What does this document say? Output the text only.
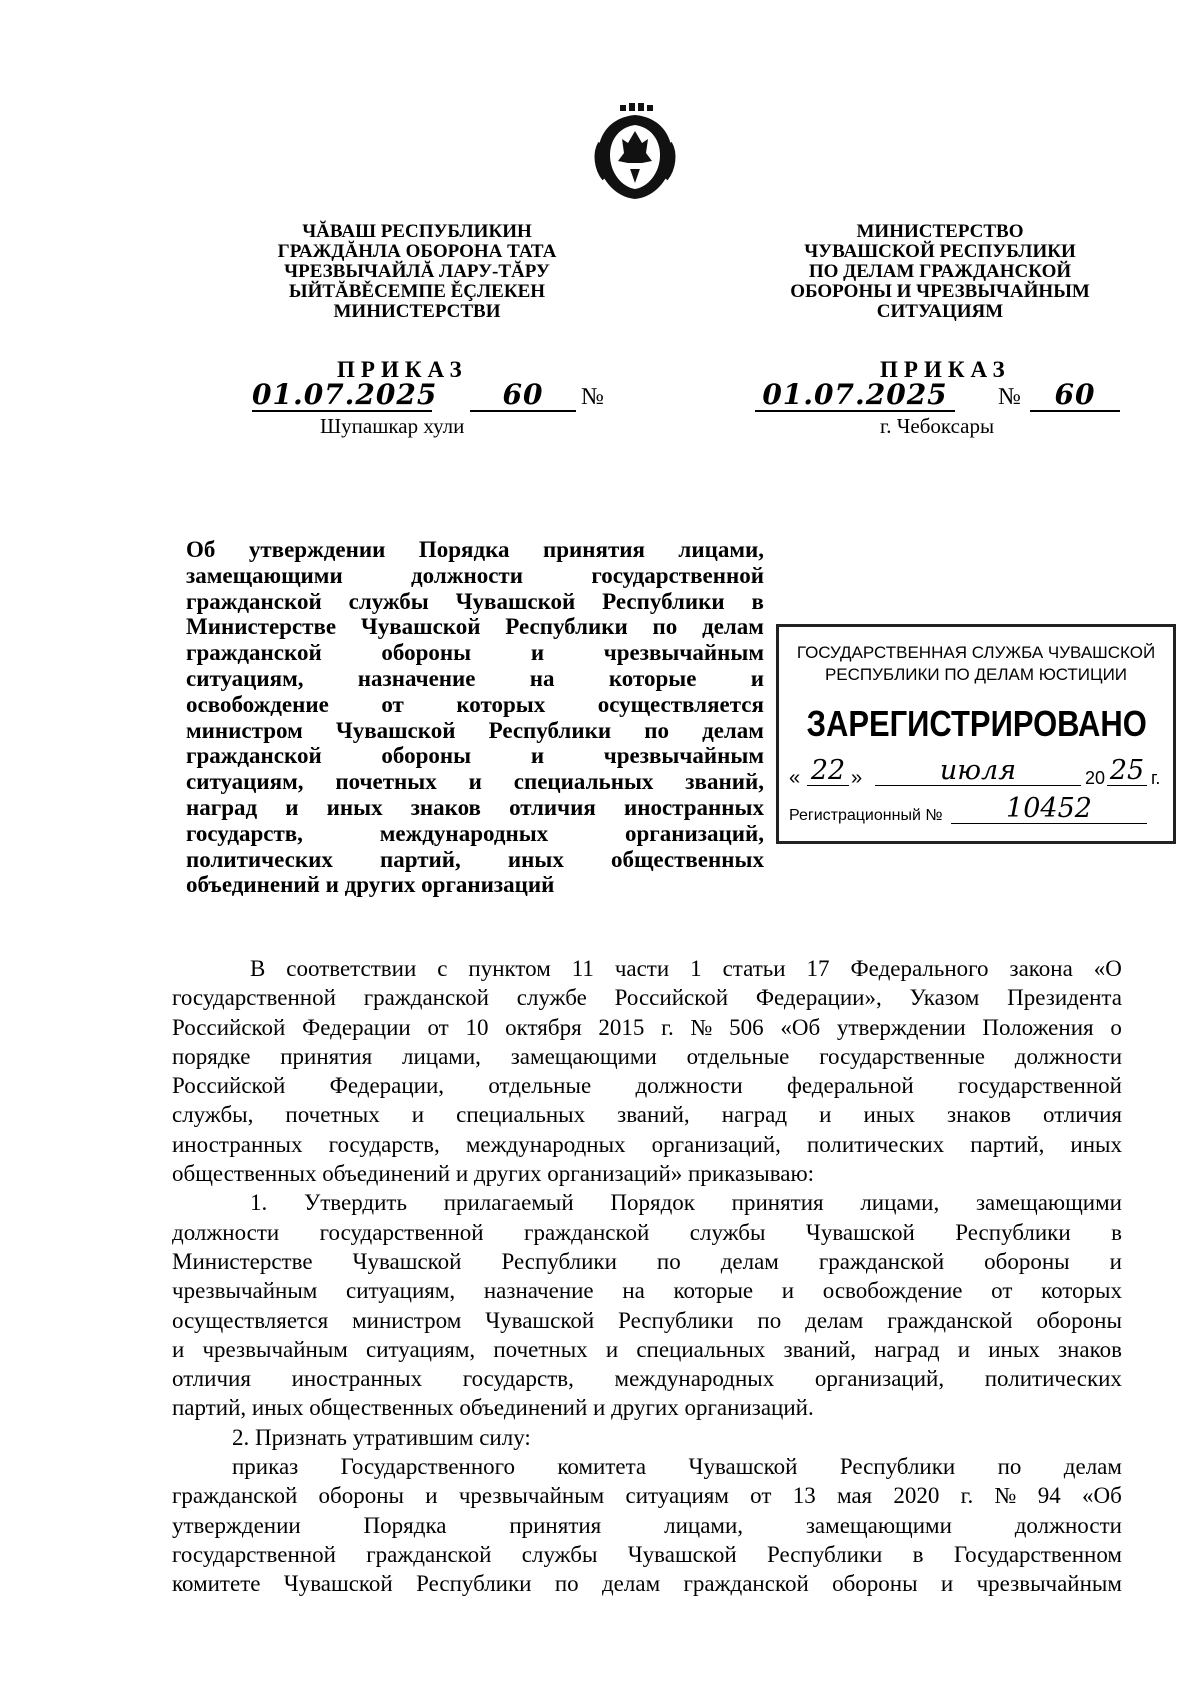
ЧĂВАШ РЕСПУБЛИКИН
ГРАЖДĂНЛА ОБОРОНА ТАТА
ЧРЕЗВЫЧАЙЛĂ ЛАРУ-ТĂРУ
ЫЙТĂВĚСЕМПЕ ĚÇЛЕКЕН
МИНИСТЕРСТВИ
МИНИСТЕРСТВО
ЧУВАШСКОЙ РЕСПУБЛИКИ
ПО ДЕЛАМ ГРАЖДАНСКОЙ
ОБОРОНЫ И ЧРЕЗВЫЧАЙНЫМ
СИТУАЦИЯМ
ПРИКАЗ
01.07.2025	60	№
Шупашкар хули
ПРИКАЗ
01.07.2025	№	60
г. Чебоксары
Об утверждении Порядка принятия лицами,
замещающими	должности	государственной
гражданской службы Чувашской Республики в
Министерстве Чувашской Республики по делам
гражданской	обороны	и	чрезвычайным
ситуациям, назначение на которые и
освобождение от которых осуществляется
министром Чувашской Республики по делам
гражданской	обороны	и	чрезвычайным
ситуациям, почетных и специальных званий,
наград и иных знаков отличия иностранных
государств,	международных	организаций,
политических партий, иных общественных
объединений и других организаций
ГОСУДАРСТВЕННАЯ СЛУЖБА ЧУВАШСКОЙ
РЕСПУБЛИКИ ПО ДЕЛАМ ЮСТИЦИИ
ЗАРЕГИСТРИРОВАНО
« 22 »	июля	20 25 г.
Регистрационный №	10452
В соответствии с пунктом 11 части 1 статьи 17 Федерального закона «О
государственной гражданской службе Российской Федерации», Указом Президента
Российской Федерации от 10 октября 2015 г. № 506 «Об утверждении Положения о
порядке принятия лицами, замещающими отдельные государственные должности
Российской Федерации, отдельные должности федеральной государственной
службы, почетных и специальных званий, наград и иных знаков отличия
иностранных государств, международных организаций, политических партий, иных
общественных объединений и других организаций» приказываю:
1. Утвердить прилагаемый Порядок принятия лицами, замещающими
должности государственной гражданской службы Чувашской Республики в
Министерстве Чувашской Республики по делам гражданской обороны и
чрезвычайным ситуациям, назначение на которые и освобождение от которых
осуществляется министром Чувашской Республики по делам гражданской обороны
и чрезвычайным ситуациям, почетных и специальных званий, наград и иных знаков
отличия иностранных государств, международных организаций, политических
партий, иных общественных объединений и других организаций.
2. Признать утратившим силу:
приказ Государственного комитета Чувашской Республики по делам
гражданской обороны и чрезвычайным ситуациям от 13 мая 2020 г. № 94 «Об
утверждении	Порядка	принятия	лицами,	замещающими	должности
государственной гражданской службы Чувашской Республики в Государственном
комитете Чувашской Республики по делам гражданской обороны и чрезвычайным
